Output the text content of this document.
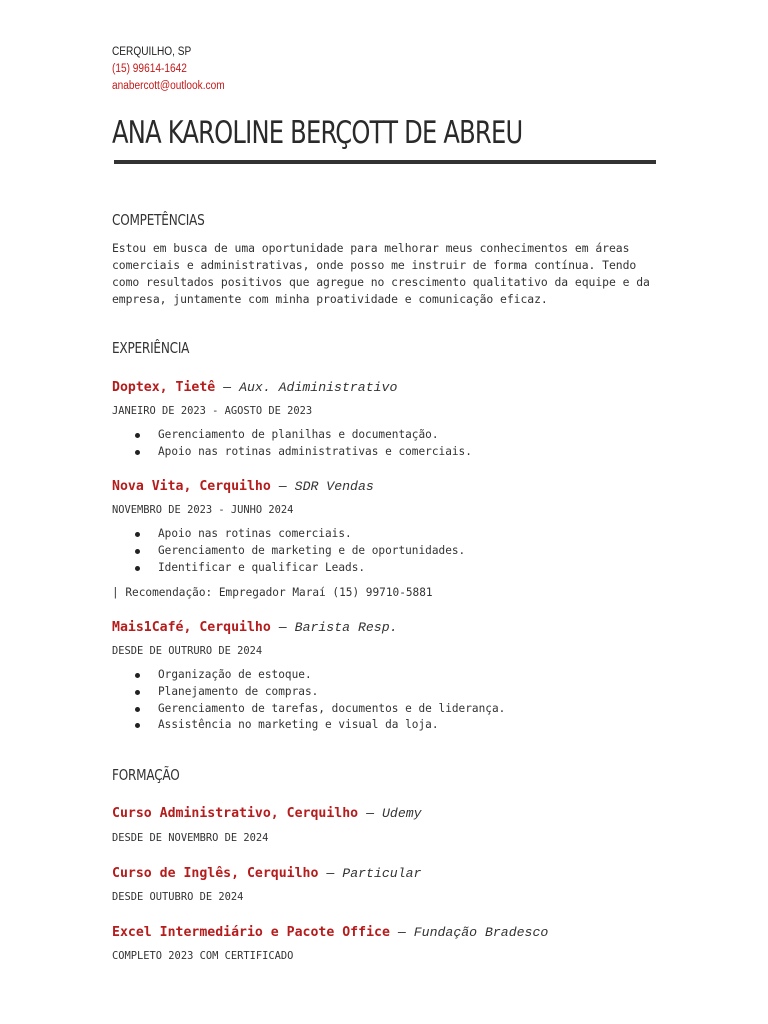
CERQUILHO, SP
(15) 99614-1642
anabercott@outlook.com
ANA KAROLINE BERÇOTT DE ABREU
COMPETÊNCIAS
Estou em busca de uma oportunidade para melhorar meus conhecimentos em áreas
comerciais e administrativas, onde posso me instruir de forma contínua. Tendo
como resultados positivos que agregue no crescimento qualitativo da equipe e da
empresa, juntamente com minha proatividade e comunicação eficaz.
EXPERIÊNCIA
Doptex, Tietê — Aux. Adiministrativo
JANEIRO DE 2023 - AGOSTO DE 2023
Gerenciamento de planilhas e documentação.
Apoio nas rotinas administrativas e comerciais.
Nova Vita, Cerquilho — SDR Vendas
NOVEMBRO DE 2023 - JUNHO 2024
Apoio nas rotinas comerciais.
Gerenciamento de marketing e de oportunidades.
Identificar e qualificar Leads.
| Recomendação: Empregador Maraí (15) 99710-5881
Mais1Café, Cerquilho — Barista Resp.
DESDE DE OUTRURO DE 2024
Organização de estoque.
Planejamento de compras.
Gerenciamento de tarefas, documentos e de liderança.
Assistência no marketing e visual da loja.
FORMAÇÃO
Curso Administrativo, Cerquilho — Udemy
DESDE DE NOVEMBRO DE 2024
Curso de Inglês, Cerquilho — Particular
DESDE OUTUBRO DE 2024
Excel Intermediário e Pacote Office — Fundação Bradesco
COMPLETO 2023 COM CERTIFICADO
